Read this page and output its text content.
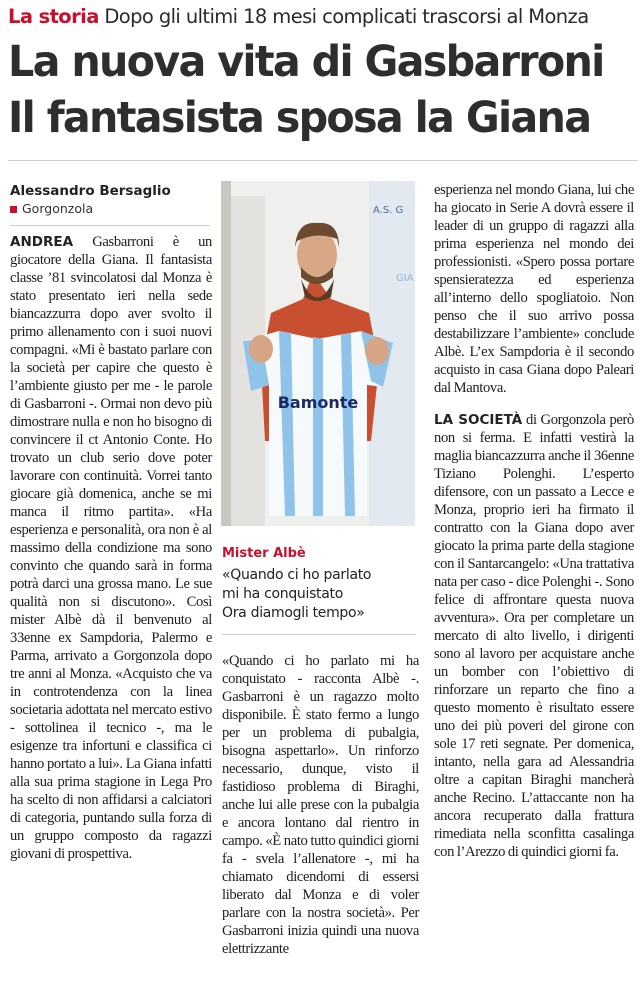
La storia Dopo gli ultimi 18 mesi complicati trascorsi al Monza
La nuova vita di Gasbarroni
Il fantasista sposa la Giana
Alessandro Bersaglio
Gorgonzola

ANDREA Gasbarroni è un giocatore della Giana. Il fantasista classe ’81 svincolatosi dal Monza è stato presentato ieri nella sede biancazzurra dopo aver svolto il primo allenamento con i suoi nuovi compagni. «Mi è bastato parlare con la società per capire che questo è l’ambiente giusto per me - le parole di Gasbarroni -. Ormai non devo più dimostrare nulla e non ho bisogno di convincere il ct Antonio Conte. Ho trovato un club serio dove poter lavorare con continuità. Vorrei tanto giocare già domenica, anche se mi manca il ritmo partita». «Ha esperienza e personalità, ora non è al massimo della condizione ma sono convinto che quando sarà in forma potrà darci una grossa mano. Le sue qualità non si discutono». Così mister Albè dà il benvenuto al 33enne ex Sampdoria, Palermo e Parma, arrivato a Gorgonzola dopo tre anni al Monza. «Acquisto che va in controtendenza con la linea societaria adottata nel mercato estivo - sottolinea il tecnico -, ma le esigenze tra infortuni e classifica ci hanno portato a lui». La Giana infatti alla sua prima stagione in Lega Pro ha scelto di non affidarsi a calciatori di categoria, puntando sulla forza di un gruppo composto da ragazzi giovani di prospettiva.

A.S. G
GIA
Bamonte
Mister Albè
«Quando ci ho parlato
mi ha conquistato
Ora diamogli tempo»

«Quando ci ho parlato mi ha conquistato - racconta Albè -. Gasbarroni è un ragazzo molto disponibile. È stato fermo a lungo per un problema di pubalgia, bisogna aspettarlo». Un rinforzo necessario, dunque, visto il fastidioso problema di Biraghi, anche lui alle prese con la pubalgia e ancora lontano dal rientro in campo. «È nato tutto quindici giorni fa - svela l’allenatore -, mi ha chiamato dicendomi di essersi liberato dal Monza e di voler parlare con la nostra società». Per Gasbarroni inizia quindi una nuova elettrizzante

esperienza nel mondo Giana, lui che ha giocato in Serie A dovrà essere il leader di un gruppo di ragazzi alla prima esperienza nel mondo dei professionisti. «Spero possa portare spensieratezza ed esperienza all’interno dello spogliatoio. Non penso che il suo arrivo possa destabilizzare l’ambiente» conclude Albè. L’ex Sampdoria è il secondo acquisto in casa Giana dopo Paleari dal Mantova.

LA SOCIETÀ di Gorgonzola però non si ferma. E infatti vestirà la maglia biancazzurra anche il 36enne Tiziano Polenghi. L’esperto difensore, con un passato a Lecce e Monza, proprio ieri ha firmato il contratto con la Giana dopo aver giocato la prima parte della stagione con il Santarcangelo: «Una trattativa nata per caso - dice Polenghi -. Sono felice di affrontare questa nuova avventura». Ora per completare un mercato di alto livello, i dirigenti sono al lavoro per acquistare anche un bomber con l’obiettivo di rinforzare un reparto che fino a questo momento è risultato essere uno dei più poveri del girone con sole 17 reti segnate. Per domenica, intanto, nella gara ad Alessandria oltre a capitan Biraghi mancherà anche Recino. L’attaccante non ha ancora recuperato dalla frattura rimediata nella sconfitta casalinga con l’Arezzo di quindici giorni fa.
